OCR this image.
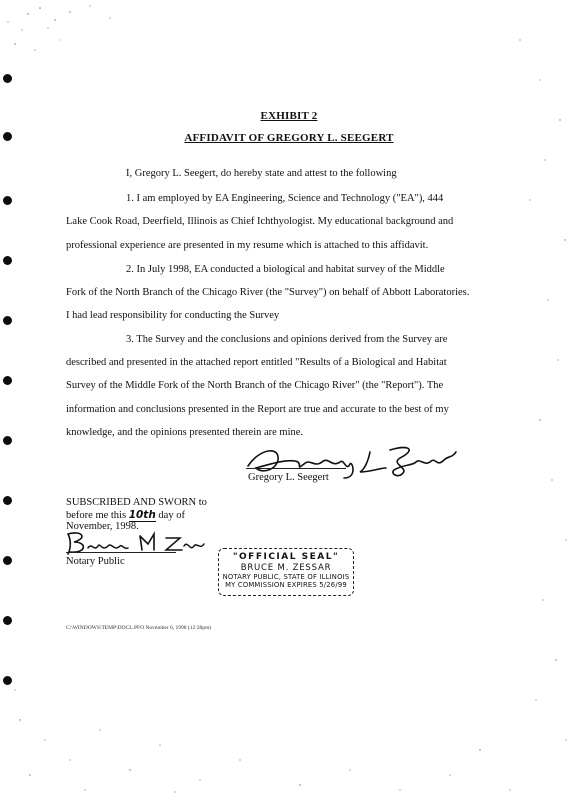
EXHIBIT 2
AFFIDAVIT OF GREGORY L. SEEGERT
I, Gregory L. Seegert, do hereby state and attest to the following
1. I am employed by EA Engineering, Science and Technology ("EA"), 444
Lake Cook Road, Deerfield, Illinois as Chief Ichthyologist. My educational background and
professional experience are presented in my resume which is attached to this affidavit.
2. In July 1998, EA conducted a biological and habitat survey of the Middle
Fork of the North Branch of the Chicago River (the "Survey") on behalf of Abbott Laboratories.
I had lead responsibility for conducting the Survey
3. The Survey and the conclusions and opinions derived from the Survey are
described and presented in the attached report entitled "Results of a Biological and Habitat
Survey of the Middle Fork of the North Branch of the Chicago River" (the "Report"). The
information and conclusions presented in the Report are true and accurate to the best of my
knowledge, and the opinions presented therein are mine.
Gregory L. Seegert
SUBSCRIBED AND SWORN to
before me this 10th day of
November, 1998.
Notary Public	"OFFICIAL SEAL"
BRUCE M. ZESSAR
NOTARY PUBLIC, STATE OF ILLINOIS
MY COMMISSION EXPIRES 5/26/99
C:\WINDOWS\TEMP\DOCL.PFO November 6, 1998 (12:38pm)
